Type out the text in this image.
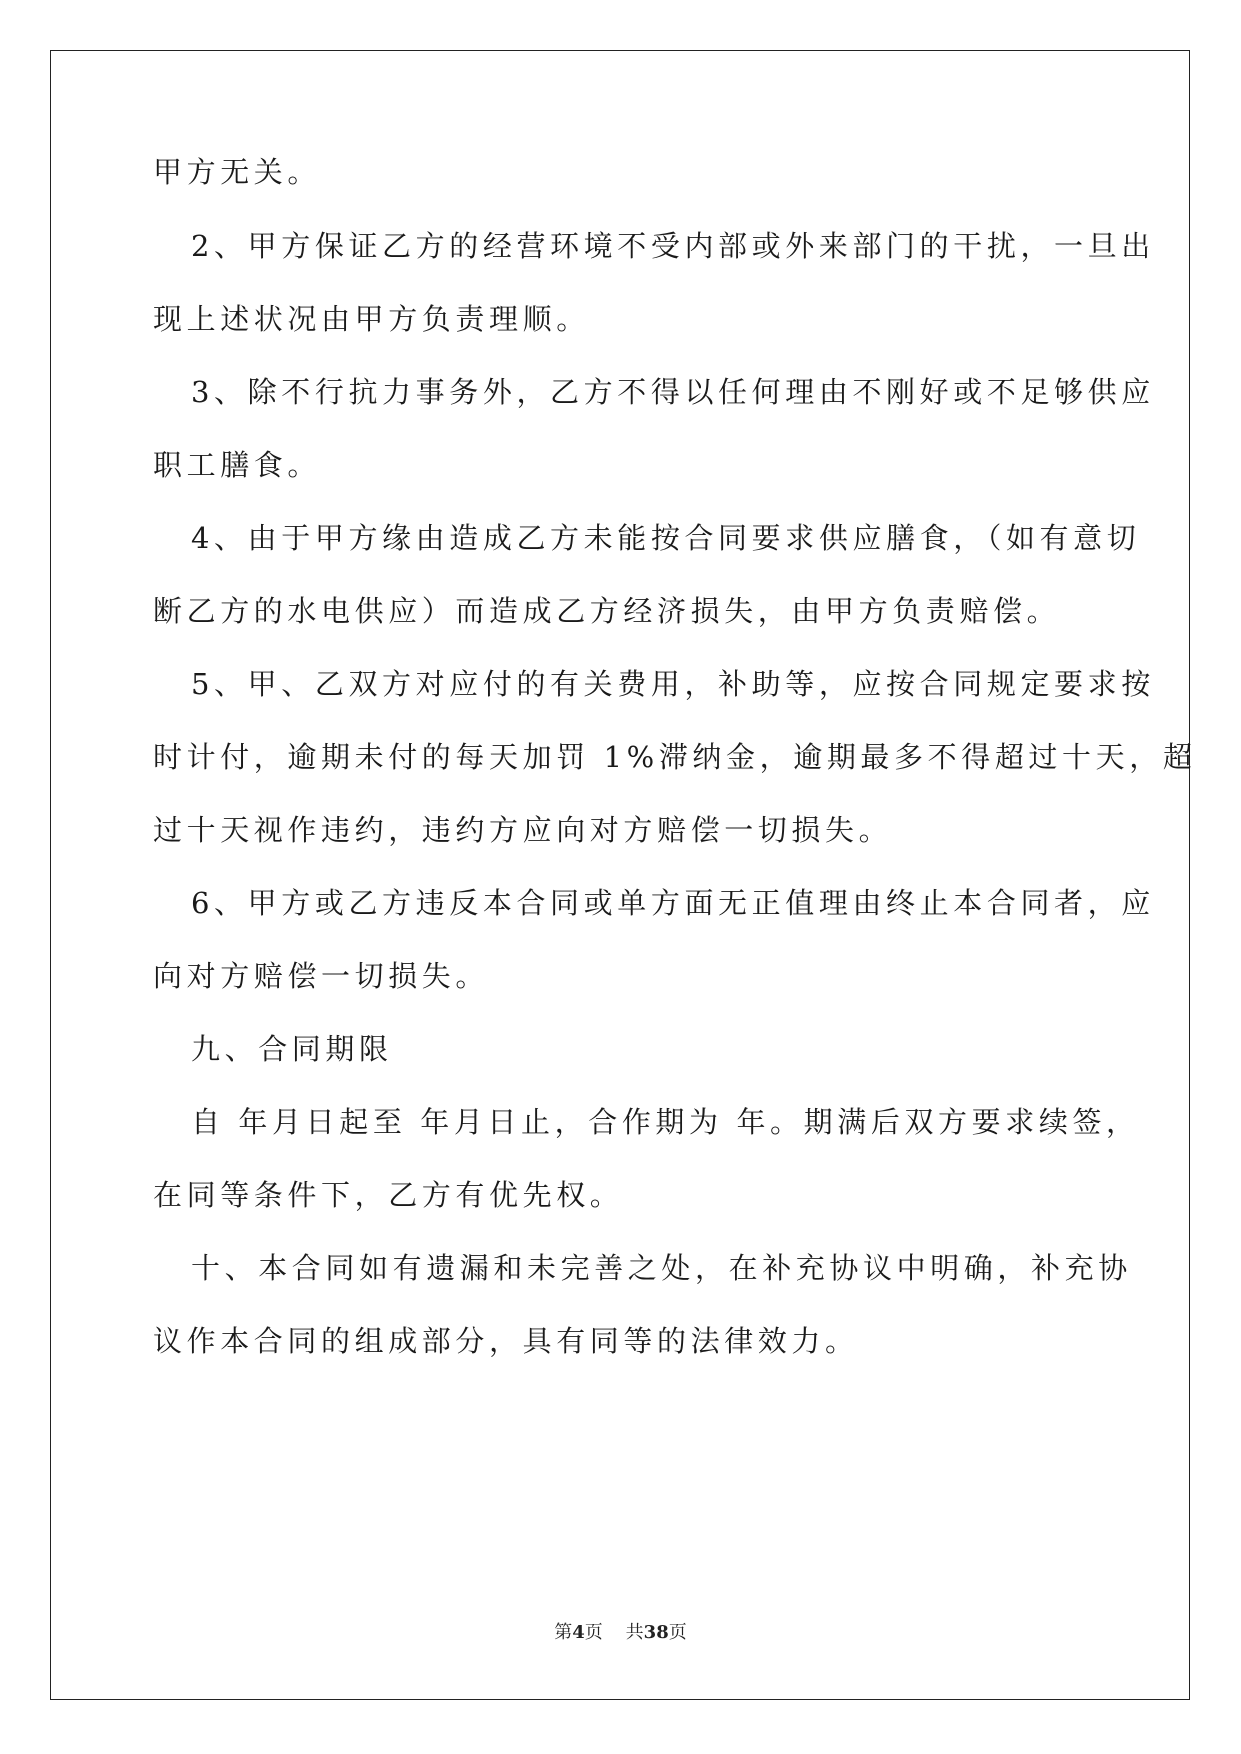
甲方无关。
2、甲方保证乙方的经营环境不受内部或外来部门的干扰，一旦出
现上述状况由甲方负责理顺。
3、除不行抗力事务外，乙方不得以任何理由不刚好或不足够供应
职工膳食。
4、由于甲方缘由造成乙方未能按合同要求供应膳食，（如有意切
断乙方的水电供应）而造成乙方经济损失，由甲方负责赔偿。
5、甲、乙双方对应付的有关费用，补助等，应按合同规定要求按
时计付，逾期未付的每天加罚 1%滞纳金，逾期最多不得超过十天，超
过十天视作违约，违约方应向对方赔偿一切损失。
6、甲方或乙方违反本合同或单方面无正值理由终止本合同者，应
向对方赔偿一切损失。
九、合同期限
自 年月日起至 年月日止，合作期为 年。期满后双方要求续签，
在同等条件下，乙方有优先权。
十、本合同如有遗漏和未完善之处，在补充协议中明确，补充协
议作本合同的组成部分，具有同等的法律效力。
第4页 共38页
